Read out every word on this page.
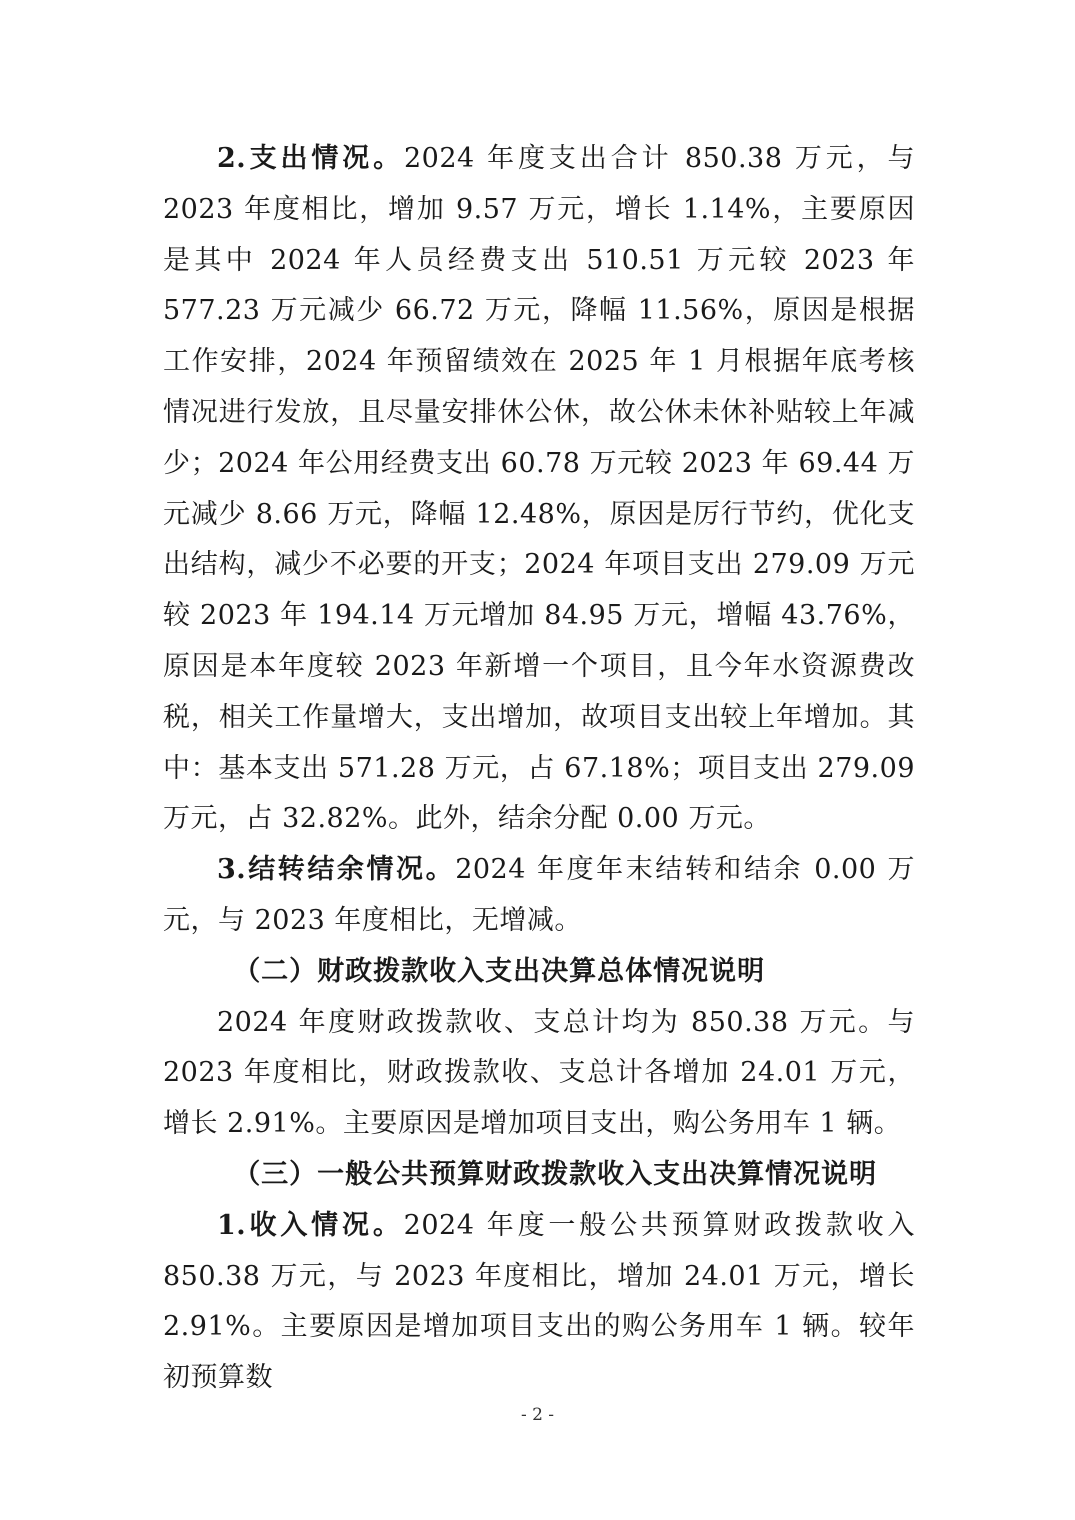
2.支出情况。2024 年度支出合计 850.38 万元，与 2023 年度相比，增加 9.57 万元，增长 1.14%，主要原因是其中 2024 年人员经费支出 510.51 万元较 2023 年 577.23 万元减少 66.72 万元，降幅 11.56%，原因是根据工作安排，2024 年预留绩效在 2025 年 1 月根据年底考核情况进行发放，且尽量安排休公休，故公休未休补贴较上年减少；2024 年公用经费支出 60.78 万元较 2023 年 69.44 万元减少 8.66 万元，降幅 12.48%，原因是厉行节约，优化支出结构，减少不必要的开支；2024 年项目支出 279.09 万元较 2023 年 194.14 万元增加 84.95 万元，增幅 43.76%，原因是本年度较 2023 年新增一个项目，且今年水资源费改税，相关工作量增大，支出增加，故项目支出较上年增加。其中：基本支出 571.28 万元，占 67.18%；项目支出 279.09 万元，占 32.82%。此外，结余分配 0.00 万元。

3.结转结余情况。2024 年度年末结转和结余 0.00 万元，与 2023 年度相比，无增减。

（二）财政拨款收入支出决算总体情况说明

2024 年度财政拨款收、支总计均为 850.38 万元。与 2023 年度相比，财政拨款收、支总计各增加 24.01 万元，增长 2.91%。主要原因是增加项目支出，购公务用车 1 辆。

（三）一般公共预算财政拨款收入支出决算情况说明

1.收入情况。2024 年度一般公共预算财政拨款收入 850.38 万元，与 2023 年度相比，增加 24.01 万元，增长 2.91%。主要原因是增加项目支出的购公务用车 1 辆。较年初预算数

- 2 -
